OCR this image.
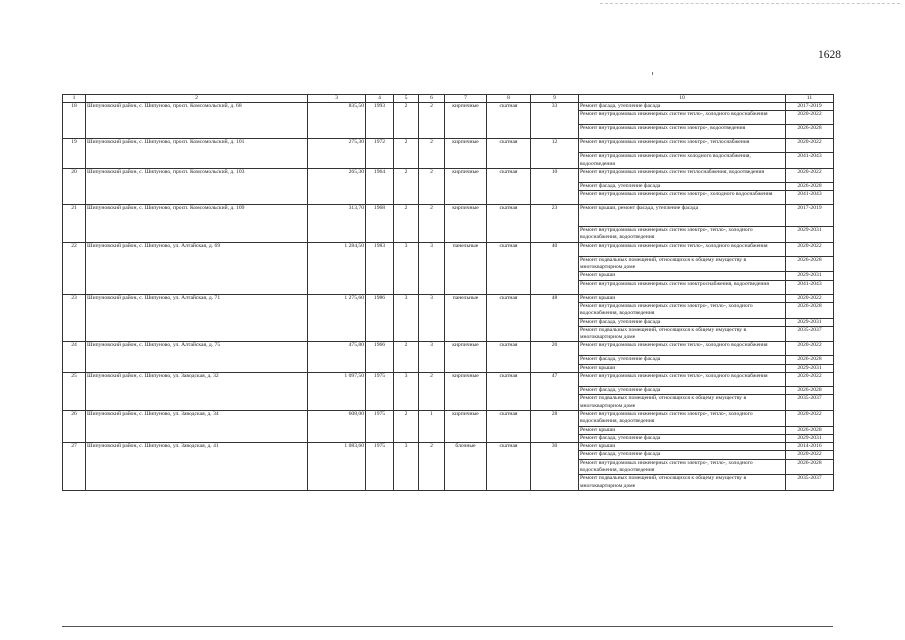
1628
1	2	3	4	5	6	7	8	9	10	11
18	Шипуновский район, с. Шипуново, просп. Комсомольский, д. 68	835,50	1993	2	2	кирпичные	скатная	33	Ремонт фасада, утепление фасада	2017-2019
									Ремонт внутридомовых инженерных систем тепло-, холодного водоснабжения	2020-2022
									Ремонт внутридомовых инженерных систем электро-, водоотведения	2026-2028
19	Шипуновский район, с. Шипуново, просп. Комсомольский, д. 101	275,30	1972	2	2	кирпичные	скатная	12	Ремонт внутридомовых инженерных систем электро-, теплоснабжения	2020-2022
									Ремонт внутридомовых инженерных систем холодного водоснабжения, водоотведения	2041-2043
20	Шипуновский район, с. Шипуново, просп. Комсомольский, д. 103	265,30	1964	2	2	кирпичные	скатная	10	Ремонт внутридомовых инженерных систем теплоснабжения, водоотведения	2020-2022
									Ремонт фасада, утепление фасада	2026-2028
									Ремонт внутридомовых инженерных систем электро-, холодного водоснабжения	2041-2043
21	Шипуновский район, с. Шипуново, просп. Комсомольский, д. 109	313,70	1968	2	2	кирпичные	скатная	23	Ремонт крыши, ремонт фасада, утепление фасада	2017-2019
									Ремонт внутридомовых инженерных систем электро-, тепло-, холодного водоснабжения, водоотведения	2029-2031
22	Шипуновский район, с. Шипуново, ул. Алтайская, д. 69	1 284,50	1983	3	3	панельные	скатная	40	Ремонт внутридомовых инженерных систем тепло-, холодного водоснабжения	2020-2022
									Ремонт подвальных помещений, относящихся к общему имуществу в многоквартирном доме	2026-2028
									Ремонт крыши	2029-2031
									Ремонт внутридомовых инженерных систем электроснабжения, водоотведения	2041-2043
23	Шипуновский район, с. Шипуново, ул. Алтайская, д. 71	1 275,60	1986	3	3	панельные	скатная	48	Ремонт крыши	2020-2022
									Ремонт внутридомовых инженерных систем электро-, тепло-, холодного водоснабжения, водоотведения	2026-2028
									Ремонт фасада, утепление фасада	2029-2031
									Ремонт подвальных помещений, относящихся к общему имуществу в многоквартирном доме	2035-2037
24	Шипуновский район, с. Шипуново, ул. Алтайская, д. 75	475,80	1966	2	3	кирпичные	скатная	20	Ремонт внутридомовых инженерных систем тепло-, холодного водоснабжения	2020-2022
									Ремонт фасада, утепление фасада	2026-2028
									Ремонт крыши	2029-2031
25	Шипуновский район, с. Шипуново, ул. Заводская, д. 32	1 097,50	1975	3	2	кирпичные	скатная	47	Ремонт внутридомовых инженерных систем тепло-, холодного водоснабжения	2020-2022
									Ремонт фасада, утепление фасада	2026-2028
									Ремонт подвальных помещений, относящихся к общему имуществу в многоквартирном доме	2035-2037
26	Шипуновский район, с. Шипуново, ул. Заводская, д. 34	608,00	1975	2	1	кирпичные	скатная	28	Ремонт внутридомовых инженерных систем электро-, тепло-, холодного водоснабжения, водоотведения	2020-2022
									Ремонт крыши	2026-2028
									Ремонт фасада, утепление фасада	2029-2031
27	Шипуновский район, с. Шипуново, ул. Заводская, д. 41	1 083,60	1975	3	2	блочные	скатная	30	Ремонт крыши	2014-2016
									Ремонт фасада, утепление фасада	2020-2022
									Ремонт внутридомовых инженерных систем электро-, тепло-, холодного водоснабжения, водоотведения	2026-2028
									Ремонт подвальных помещений, относящихся к общему имуществу в многоквартирном доме	2035-2037
